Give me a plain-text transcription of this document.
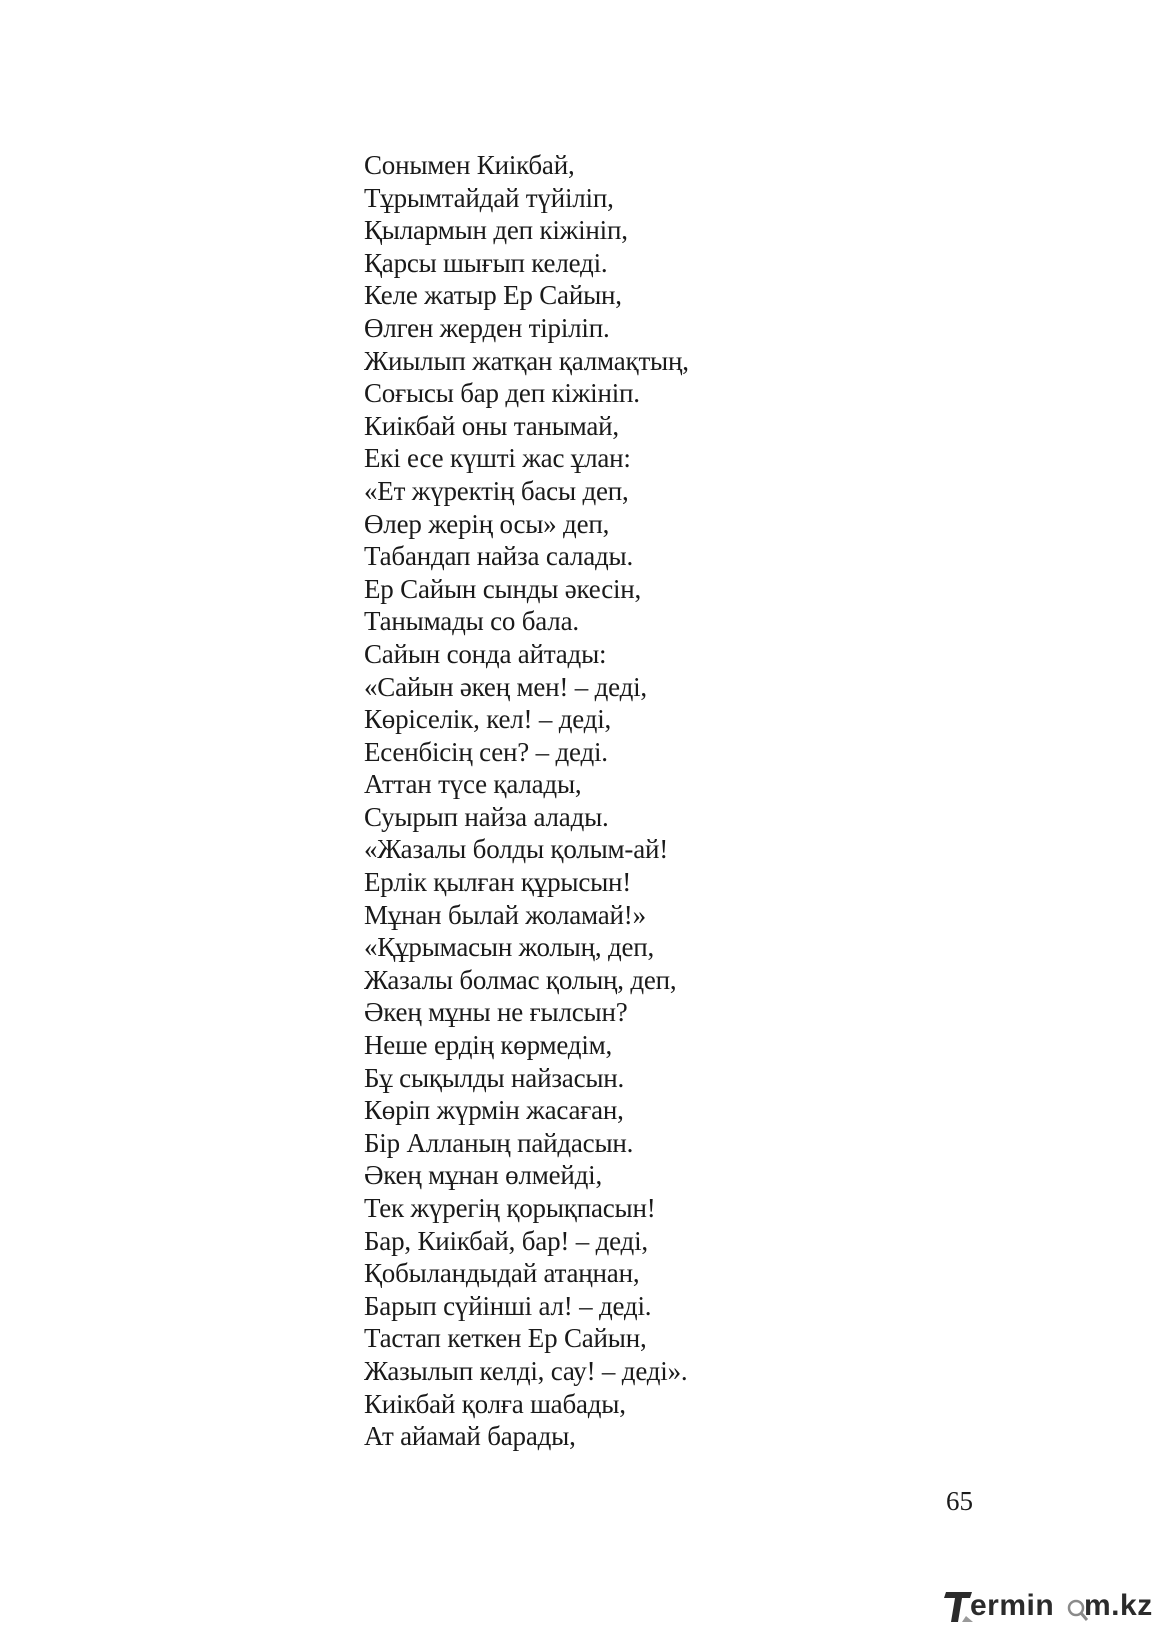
Сонымен Киікбай,
Тұрымтайдай түйіліп,
Қылармын деп кіжініп,
Қарсы шығып келеді.
Келе жатыр Ер Сайын,
Өлген жерден тіріліп.
Жиылып жатқан қалмақтың,
Соғысы бар деп кіжініп.
Киікбай оны танымай,
Екі есе күшті жас ұлан:
«Ет жүректің басы деп,
Өлер жерің осы» деп,
Табандап найза салады.
Ер Сайын сынды әкесін,
Танымады со бала.
Сайын сонда айтады:
«Сайын әкең мен! – деді,
Көріселік, кел! – деді,
Есенбісің сен? – деді.
Аттан түсе қалады,
Суырып найза алады.
«Жазалы болды қолым-ай!
Ерлік қылған құрысын!
Мұнан былай жоламай!»
«Құрымасын жолың, деп,
Жазалы болмас қолың, деп,
Әкең мұны не ғылсын?
Неше ердің көрмедім,
Бұ сықылды найзасын.
Көріп жүрмін жасаған,
Бір Алланың пайдасын.
Әкең мұнан өлмейді,
Тек жүрегің қорықпасын!
Бар, Киікбай, бар! – деді,
Қобыландыдай атаңнан,
Барып сүйінші ал! – деді.
Тастап кеткен Ер Сайын,
Жазылып келді, сау! – деді».
Киікбай қолға шабады,
Ат айамай барады,
65
ermin m.kz
